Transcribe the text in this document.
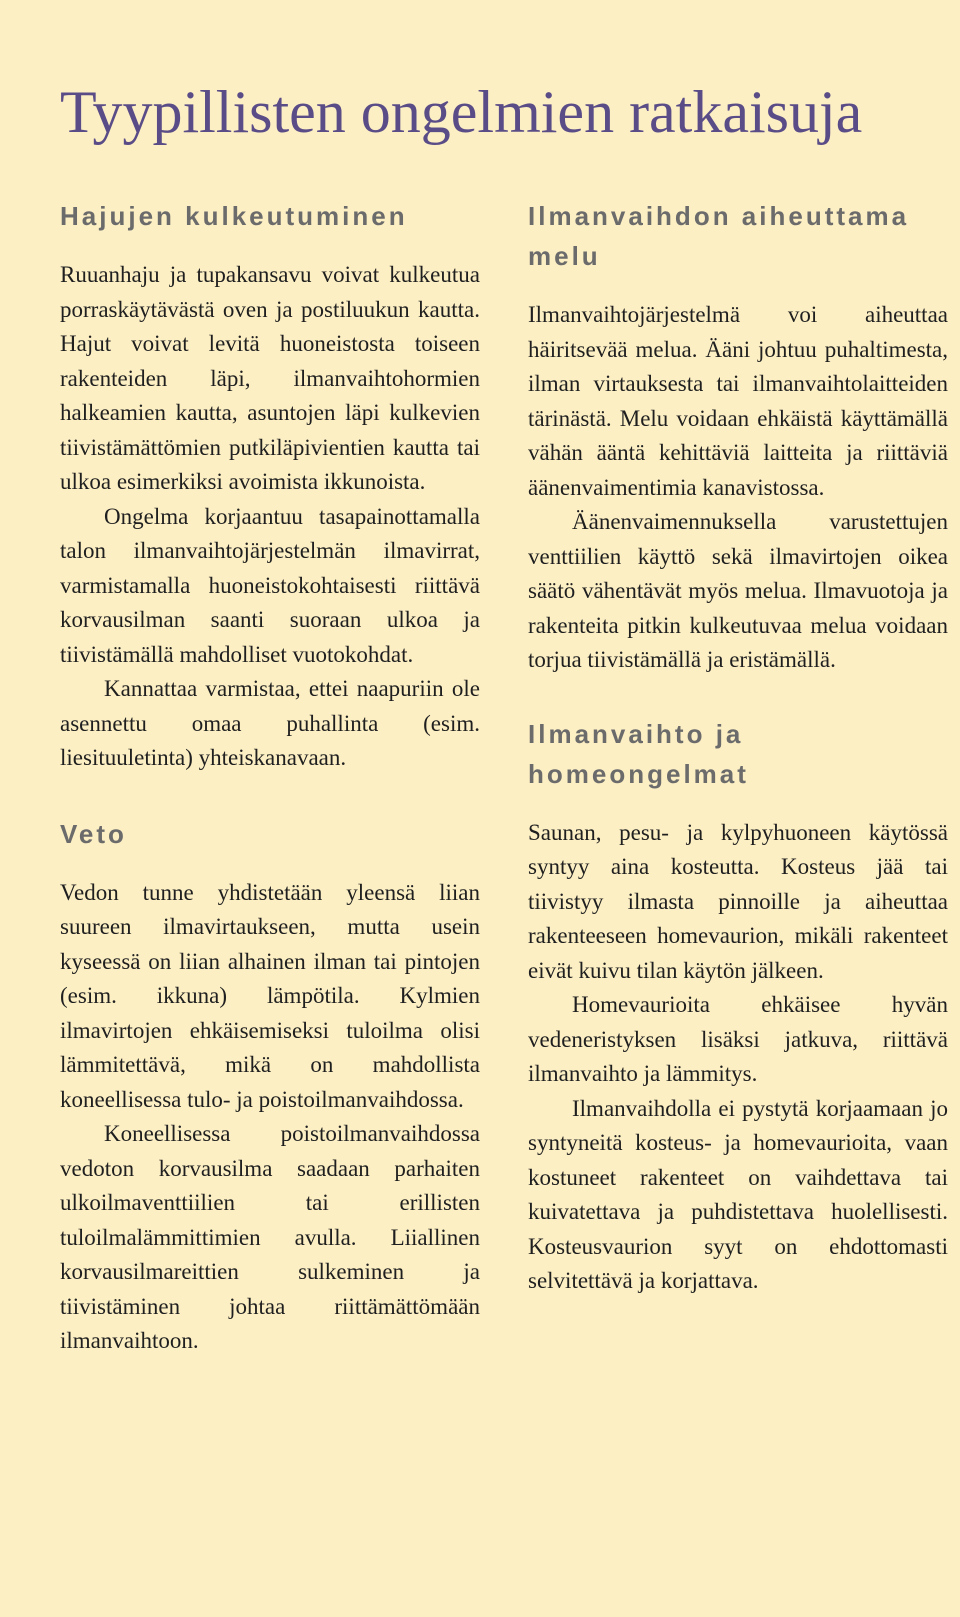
Tyypillisten ongelmien ratkaisuja
Hajujen kulkeutuminen

Ruuanhaju ja tupakansavu voivat kulkeutua porraskäytävästä oven ja postiluukun kautta. Hajut voivat levitä huoneistosta toiseen rakenteiden läpi, ilmanvaihtohormien halkeamien kautta, asuntojen läpi kulkevien tiivistämättömien putkiläpivientien kautta tai ulkoa esimerkiksi avoimista ikkunoista.

Ongelma korjaantuu tasapainottamalla talon ilmanvaihtojärjestelmän ilmavirrat, varmistamalla huoneistokohtaisesti riittävä korvausilman saanti suoraan ulkoa ja tiivistämällä mahdolliset vuotokohdat.

Kannattaa varmistaa, ettei naapuriin ole asennettu omaa puhallinta (esim. liesituuletinta) yhteiskanavaan.

Veto

Vedon tunne yhdistetään yleensä liian suureen ilmavirtaukseen, mutta usein kyseessä on liian alhainen ilman tai pintojen (esim. ikkuna) lämpötila. Kylmien ilmavirtojen ehkäisemiseksi tuloilma olisi lämmitettävä, mikä on mahdollista koneellisessa tulo- ja poistoilmanvaihdossa.

Koneellisessa poistoilmanvaihdossa vedoton korvausilma saadaan parhaiten ulkoilmaventtiilien tai erillisten tuloilmalämmittimien avulla. Liiallinen korvausilmareittien sulkeminen ja tiivistäminen johtaa riittämättömään ilmanvaihtoon.

Ilmanvaihdon aiheuttama melu

Ilmanvaihtojärjestelmä voi aiheuttaa häiritsevää melua. Ääni johtuu puhaltimesta, ilman virtauksesta tai ilmanvaihtolaitteiden tärinästä. Melu voidaan ehkäistä käyttämällä vähän ääntä kehittäviä laitteita ja riittäviä äänenvaimentimia kanavistossa.

Äänenvaimennuksella varustettujen venttiilien käyttö sekä ilmavirtojen oikea säätö vähentävät myös melua. Ilmavuotoja ja rakenteita pitkin kulkeutuvaa melua voidaan torjua tiivistämällä ja eristämällä.

Ilmanvaihto ja homeongelmat

Saunan, pesu- ja kylpyhuoneen käytössä syntyy aina kosteutta. Kosteus jää tai tiivistyy ilmasta pinnoille ja aiheuttaa rakenteeseen homevaurion, mikäli rakenteet eivät kuivu tilan käytön jälkeen.

Homevaurioita ehkäisee hyvän vedeneristyksen lisäksi jatkuva, riittävä ilmanvaihto ja lämmitys.

Ilmanvaihdolla ei pystytä korjaamaan jo syntyneitä kosteus- ja homevaurioita, vaan kostuneet rakenteet on vaihdettava tai kuivatettava ja puhdistettava huolellisesti. Kosteusvaurion syyt on ehdottomasti selvitettävä ja korjattava.
